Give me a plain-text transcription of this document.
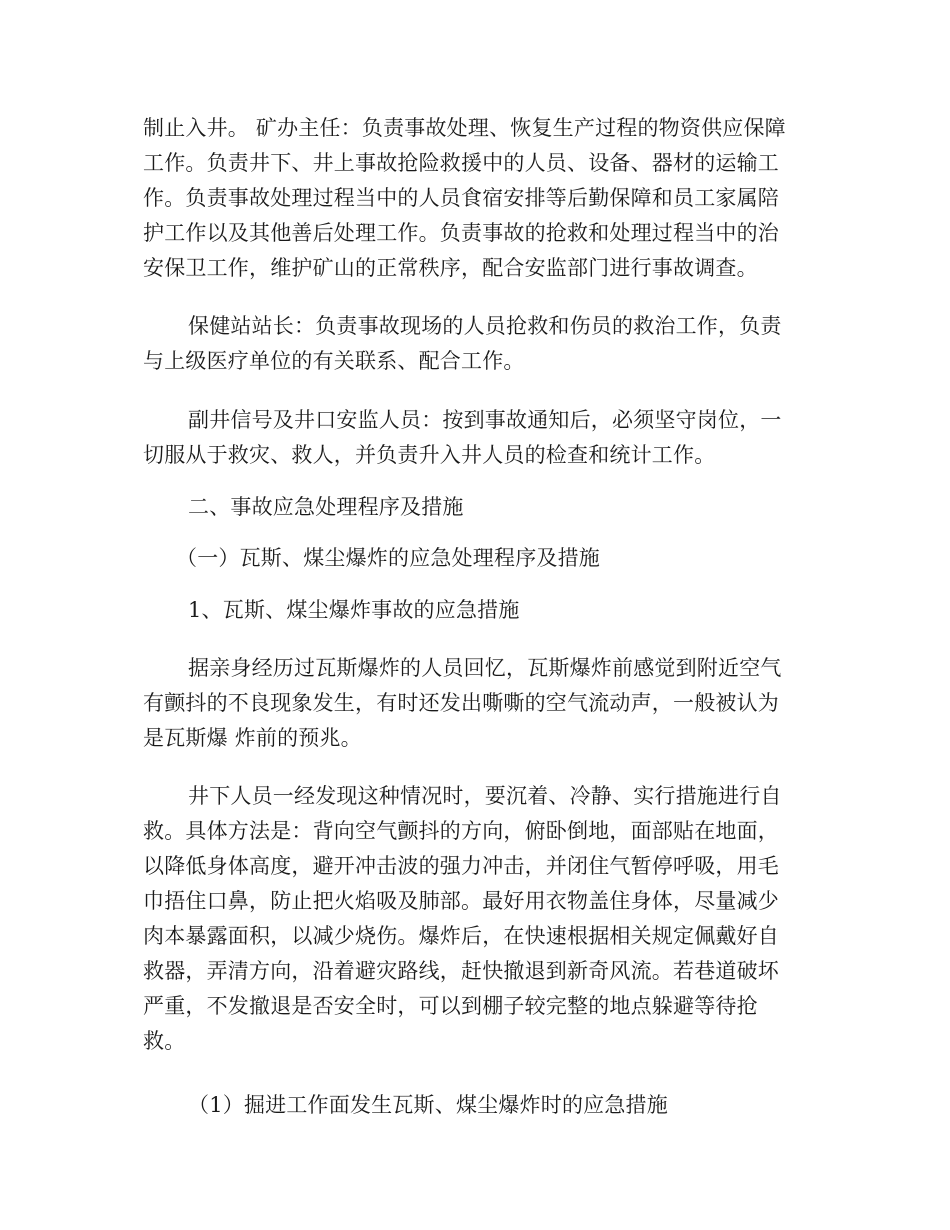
制止入井。 矿办主任：负责事故处理、恢复生产过程的物资供应保障
工作。负责井下、井上事故抢险救援中的人员、设备、器材的运输工
作。负责事故处理过程当中的人员食宿安排等后勤保障和员工家属陪
护工作以及其他善后处理工作。负责事故的抢救和处理过程当中的治
安保卫工作，维护矿山的正常秩序，配合安监部门进行事故调查。
保健站站长：负责事故现场的人员抢救和伤员的救治工作，负责
与上级医疗单位的有关联系、配合工作。
副井信号及井口安监人员：按到事故通知后，必须坚守岗位，一
切服从于救灾、救人，并负责升入井人员的检查和统计工作。
二、事故应急处理程序及措施
（一）瓦斯、煤尘爆炸的应急处理程序及措施
1、瓦斯、煤尘爆炸事故的应急措施
据亲身经历过瓦斯爆炸的人员回忆，瓦斯爆炸前感觉到附近空气
有颤抖的不良现象发生，有时还发出嘶嘶的空气流动声，一般被认为
是瓦斯爆 炸前的预兆。
井下人员一经发现这种情况时，要沉着、冷静、实行措施进行自
救。具体方法是：背向空气颤抖的方向，俯卧倒地，面部贴在地面，
以降低身体高度，避开冲击波的强力冲击，并闭住气暂停呼吸，用毛
巾捂住口鼻，防止把火焰吸及肺部。最好用衣物盖住身体，尽量减少
肉本暴露面积，以减少烧伤。爆炸后，在快速根据相关规定佩戴好自
救器，弄清方向，沿着避灾路线，赶快撤退到新奇风流。若巷道破坏
严重，不发撤退是否安全时，可以到棚子较完整的地点躲避等待抢
救。
（1）掘进工作面发生瓦斯、煤尘爆炸时的应急措施
